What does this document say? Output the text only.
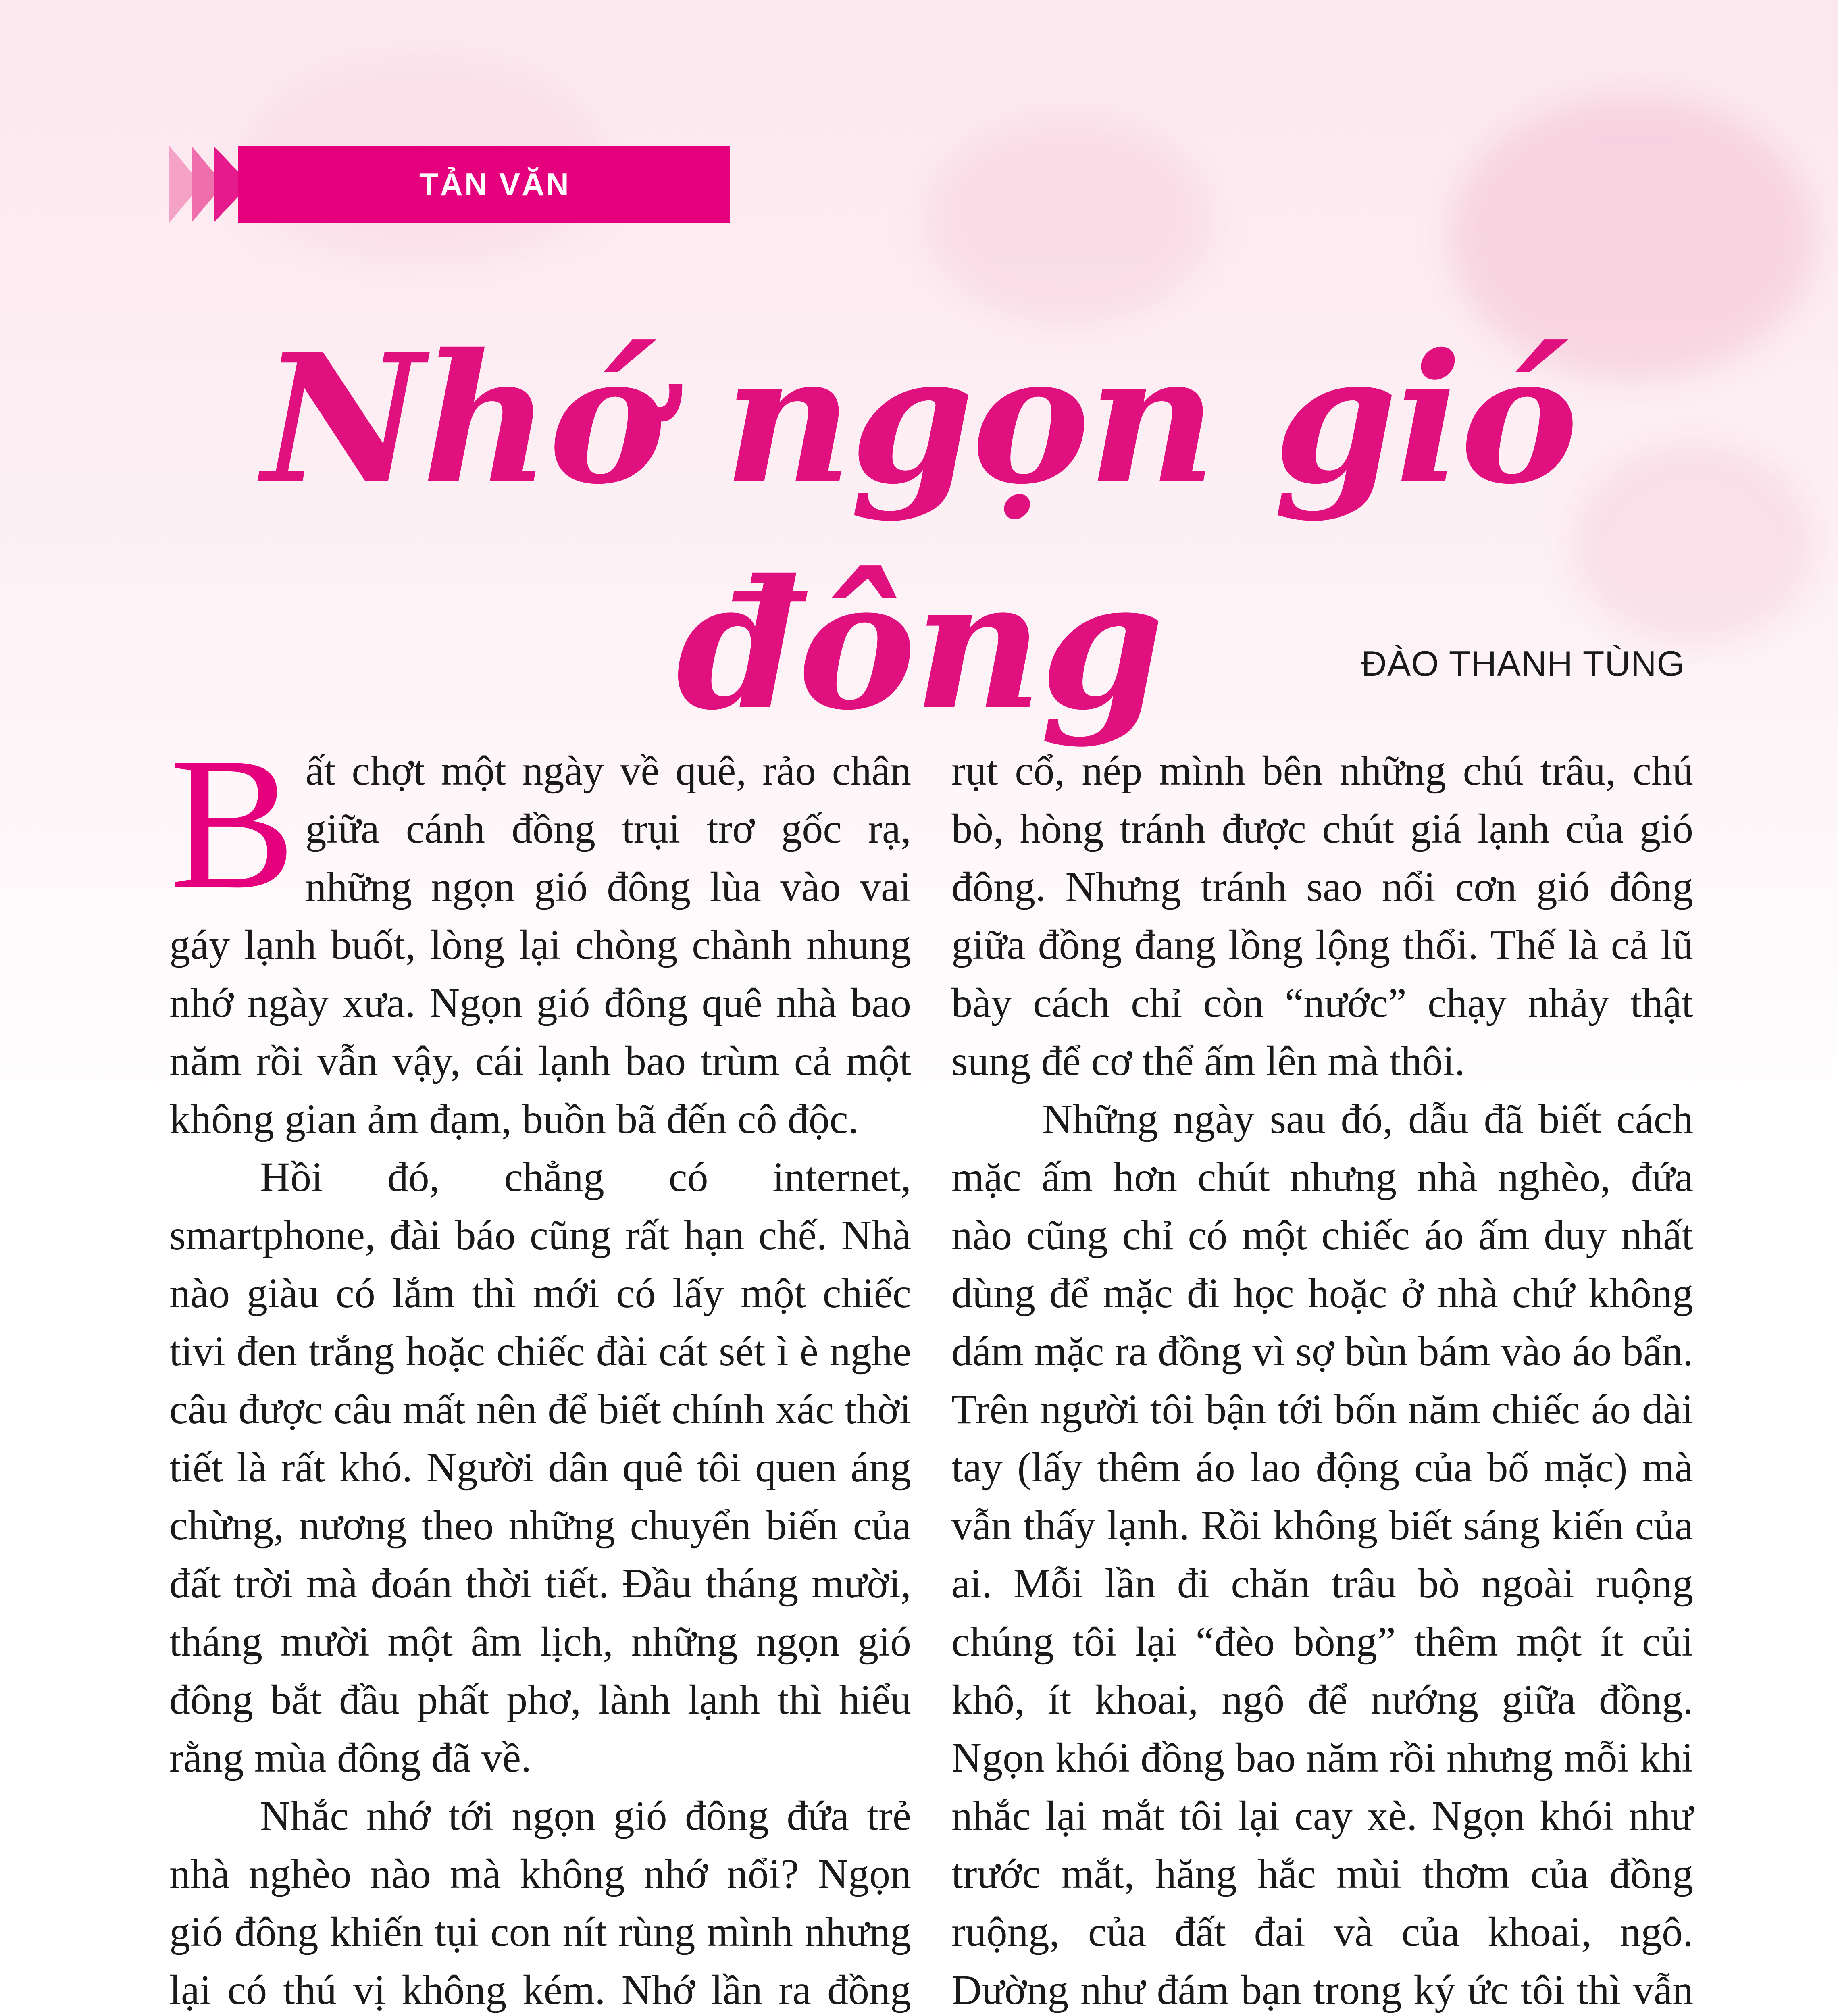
TẢN VĂN
Nhớ ngọn gió đông	ĐÀO THANH TÙNG

Bất chợt một ngày về quê, rảo chân giữa cánh đồng trụi trơ gốc rạ, những ngọn gió đông lùa vào vai gáy lạnh buốt, lòng lại chòng chành nhung nhớ ngày xưa. Ngọn gió đông quê nhà bao năm rồi vẫn vậy, cái lạnh bao trùm cả một không gian ảm đạm, buồn bã đến cô độc.

Hồi đó, chẳng có internet, smartphone, đài báo cũng rất hạn chế. Nhà nào giàu có lắm thì mới có lấy một chiếc tivi đen trắng hoặc chiếc đài cát sét ì è nghe câu được câu mất nên để biết chính xác thời tiết là rất khó. Người dân quê tôi quen áng chừng, nương theo những chuyển biến của đất trời mà đoán thời tiết. Đầu tháng mười, tháng mười một âm lịch, những ngọn gió đông bắt đầu phất phơ, lành lạnh thì hiểu rằng mùa đông đã về.

Nhắc nhớ tới ngọn gió đông đứa trẻ nhà nghèo nào mà không nhớ nổi? Ngọn gió đông khiến tụi con nít rùng mình nhưng lại có thú vị không kém. Nhớ lần ra đồng

rụt cổ, nép mình bên những chú trâu, chú bò, hòng tránh được chút giá lạnh của gió đông. Nhưng tránh sao nổi cơn gió đông giữa đồng đang lồng lộng thổi. Thế là cả lũ bày cách chỉ còn “nước” chạy nhảy thật sung để cơ thể ấm lên mà thôi.

Những ngày sau đó, dẫu đã biết cách mặc ấm hơn chút nhưng nhà nghèo, đứa nào cũng chỉ có một chiếc áo ấm duy nhất dùng để mặc đi học hoặc ở nhà chứ không dám mặc ra đồng vì sợ bùn bám vào áo bẩn. Trên người tôi bận tới bốn năm chiếc áo dài tay (lấy thêm áo lao động của bố mặc) mà vẫn thấy lạnh. Rồi không biết sáng kiến của ai. Mỗi lần đi chăn trâu bò ngoài ruộng chúng tôi lại “đèo bòng” thêm một ít củi khô, ít khoai, ngô để nướng giữa đồng. Ngọn khói đồng bao năm rồi nhưng mỗi khi nhắc lại mắt tôi lại cay xè. Ngọn khói như trước mắt, hăng hắc mùi thơm của đồng ruộng, của đất đai và của khoai, ngô. Dường như đám bạn trong ký ức tôi thì vẫn
